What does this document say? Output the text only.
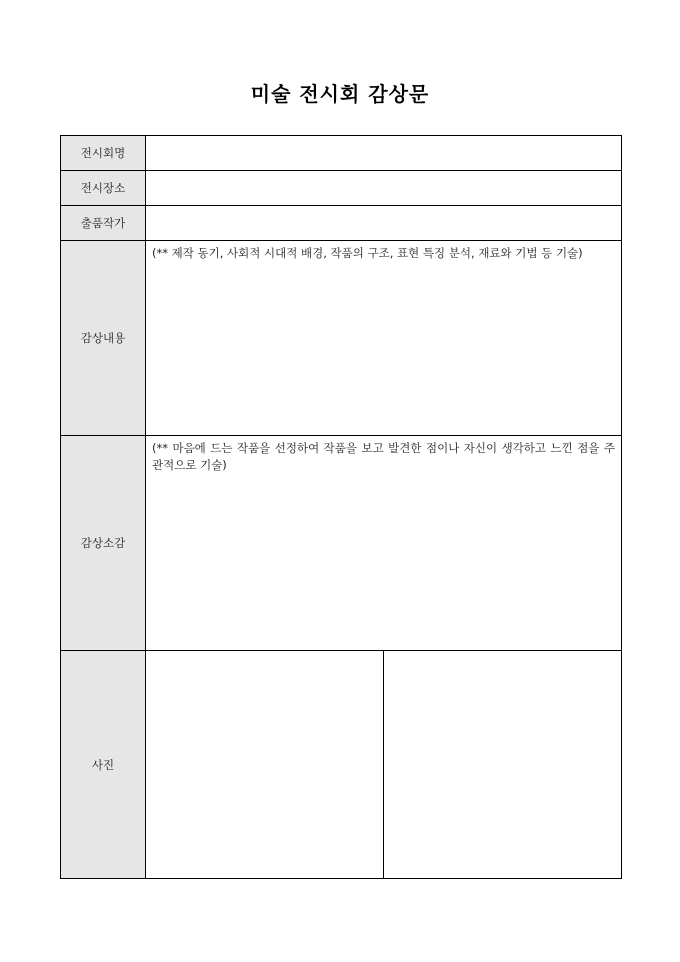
미술 전시회 감상문
전시회명	
전시장소	
출품작가	
감상내용	(** 제작 동기, 사회적 시대적 배경, 작품의 구조, 표현 특징 분석, 재료와 기법 등 기술)

감상소감	(** 마음에 드는 작품을 선정하여 작품을 보고 발견한 점이나 자신이 생각하고 느낀 점을 주관적으로 기술)

사진	
